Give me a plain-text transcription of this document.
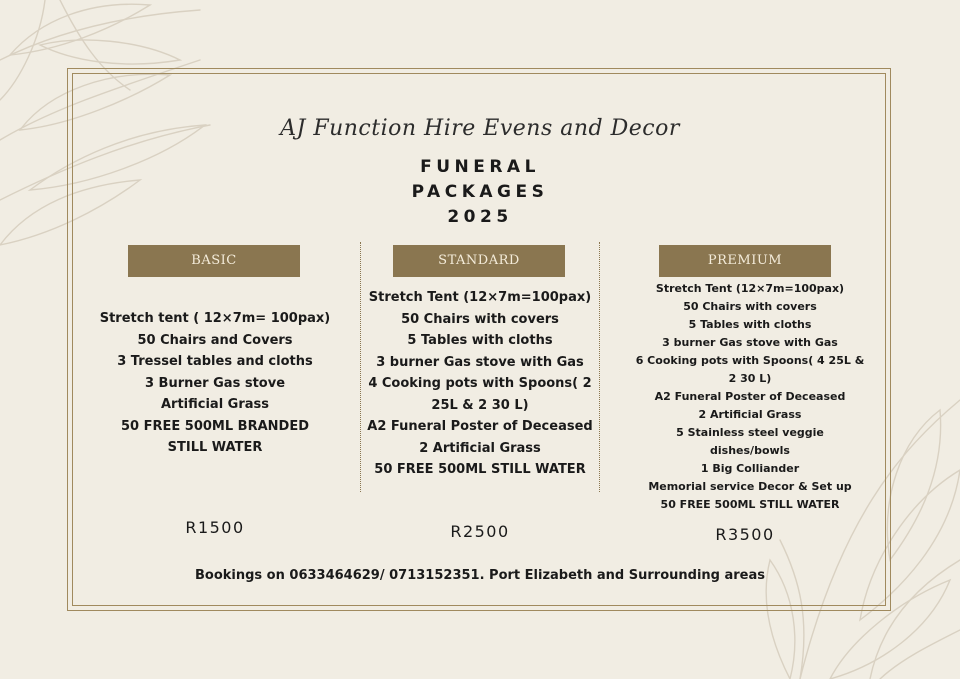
AJ Function Hire Evens and Decor
FUNERAL
PACKAGES
2025
BASIC
Stretch tent ( 12×7m= 100pax)
50 Chairs and Covers
3 Tressel tables and cloths
3 Burner Gas stove
Artificial Grass
50 FREE 500ML BRANDED
STILL WATER
R1500
STANDARD
Stretch Tent (12×7m=100pax)
50 Chairs with covers
5 Tables with cloths
3 burner Gas stove with Gas
4 Cooking pots with Spoons( 2
25L & 2 30 L)
A2 Funeral Poster of Deceased
2 Artificial Grass
50 FREE 500ML STILL WATER
R2500
PREMIUM
Stretch Tent (12×7m=100pax)
50 Chairs with covers
5 Tables with cloths
3 burner Gas stove with Gas
6 Cooking pots with Spoons( 4 25L &
2 30 L)
A2 Funeral Poster of Deceased
2 Artificial Grass
5 Stainless steel veggie
dishes/bowls
1 Big Colliander
Memorial service Decor & Set up
50 FREE 500ML STILL WATER
R3500
Bookings on 0633464629/ 0713152351. Port Elizabeth and Surrounding areas
